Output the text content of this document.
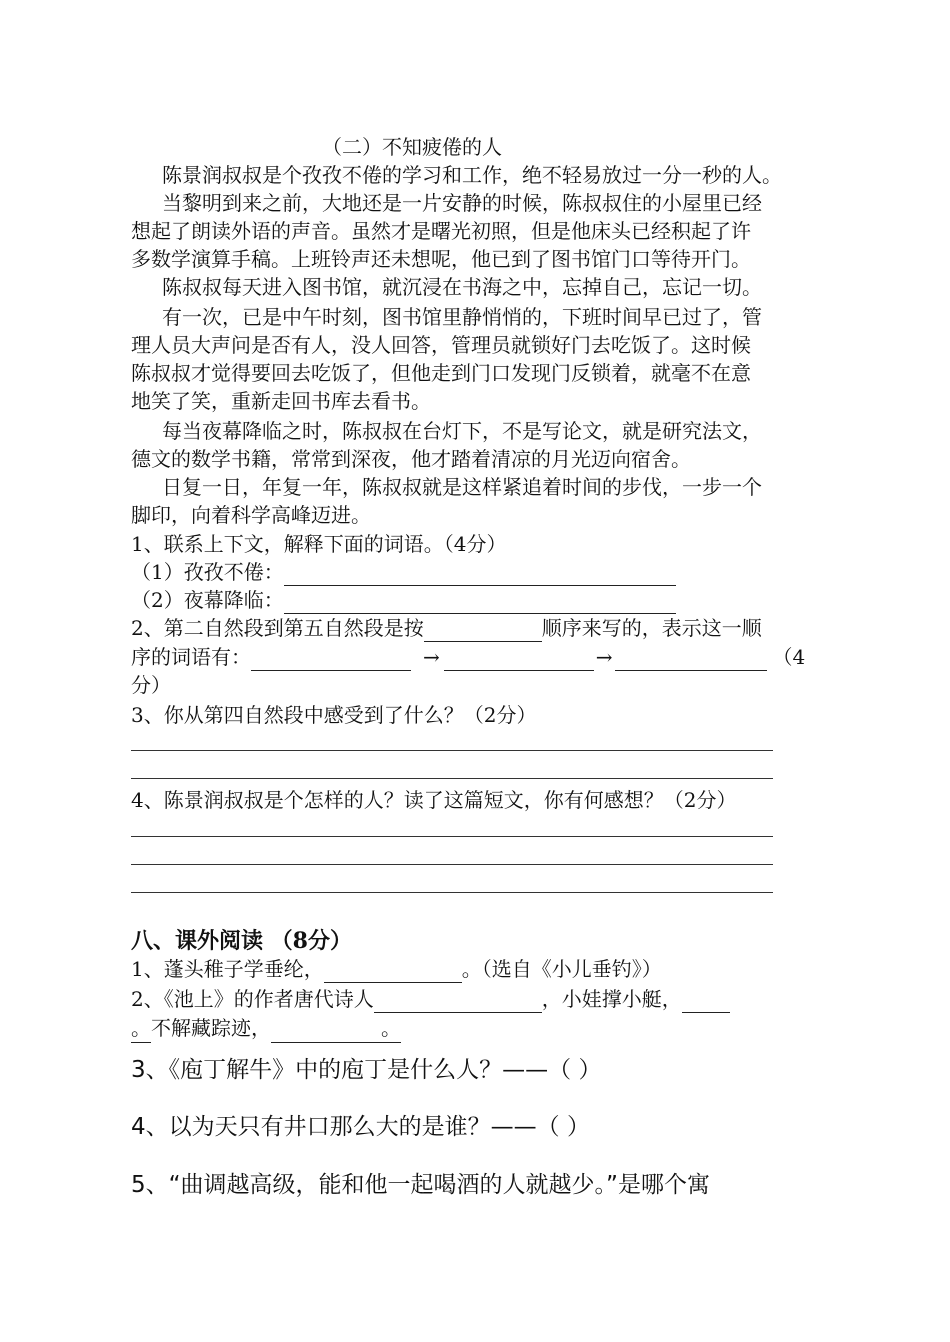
（二）不知疲倦的人
陈景润叔叔是个孜孜不倦的学习和工作，绝不轻易放过一分一秒的人。
当黎明到来之前，大地还是一片安静的时候，陈叔叔住的小屋里已经
想起了朗读外语的声音。虽然才是曙光初照，但是他床头已经积起了许
多数学演算手稿。上班铃声还未想呢，他已到了图书馆门口等待开门。
陈叔叔每天进入图书馆，就沉浸在书海之中，忘掉自己，忘记一切。
有一次，已是中午时刻，图书馆里静悄悄的，下班时间早已过了，管
理人员大声问是否有人，没人回答，管理员就锁好门去吃饭了。这时候
陈叔叔才觉得要回去吃饭了，但他走到门口发现门反锁着，就毫不在意
地笑了笑，重新走回书库去看书。
每当夜幕降临之时，陈叔叔在台灯下，不是写论文，就是研究法文，
德文的数学书籍，常常到深夜，他才踏着清凉的月光迈向宿舍。
日复一日，年复一年，陈叔叔就是这样紧追着时间的步伐，一步一个
脚印，向着科学高峰迈进。
1、联系上下文，解释下面的词语。（4分）
（1）孜孜不倦：
（2）夜幕降临：
2、第二自然段到第五自然段是按	顺序来写的，表示这一顺
序的词语有：	→	→	（4
分）
3、你从第四自然段中感受到了什么？（2分）
4、陈景润叔叔是个怎样的人？读了这篇短文，你有何感想？（2分）
八、课外阅读 （8分）
1、蓬头稚子学垂纶，	。（选自《小儿垂钓》）
2、《池上》的作者唐代诗人	，小娃撑小艇，
。不解藏踪迹，	。
3、《庖丁解牛》中的庖丁是什么人？——（ ）
4、以为天只有井口那么大的是谁？——（ ）
5、“曲调越高级，能和他一起喝酒的人就越少。”是哪个寓
